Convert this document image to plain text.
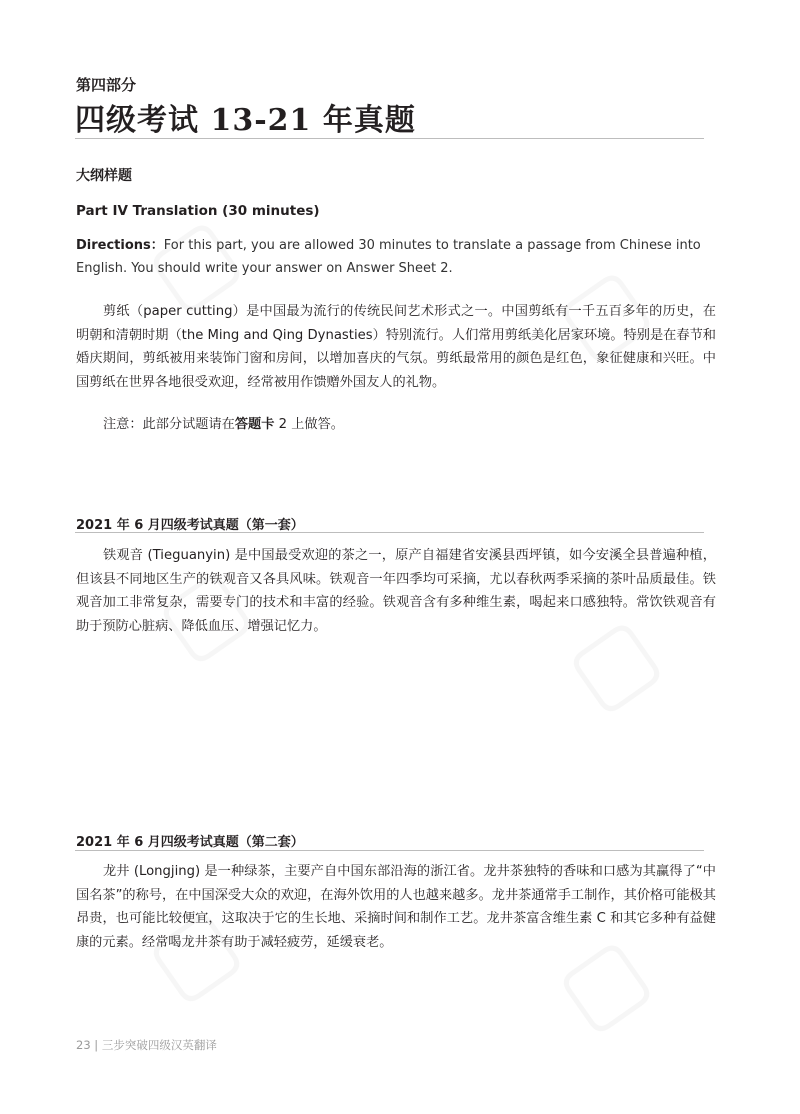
第四部分
四级考试 13-21 年真题
大纲样题
Part IV Translation (30 minutes)
Directions：For this part, you are allowed 30 minutes to translate a passage from Chinese into English. You should write your answer on Answer Sheet 2.
剪纸（paper cutting）是中国最为流行的传统民间艺术形式之一。中国剪纸有一千五百多年的历史，在明朝和清朝时期（the Ming and Qing Dynasties）特别流行。人们常用剪纸美化居家环境。特别是在春节和婚庆期间，剪纸被用来装饰门窗和房间，以增加喜庆的气氛。剪纸最常用的颜色是红色，象征健康和兴旺。中国剪纸在世界各地很受欢迎，经常被用作馈赠外国友人的礼物。
注意：此部分试题请在答题卡 2 上做答。
2021 年 6 月四级考试真题（第一套）
铁观音 (Tieguanyin) 是中国最受欢迎的茶之一，原产自福建省安溪县西坪镇，如今安溪全县普遍种植，但该县不同地区生产的铁观音又各具风味。铁观音一年四季均可采摘，尤以春秋两季采摘的茶叶品质最佳。铁观音加工非常复杂，需要专门的技术和丰富的经验。铁观音含有多种维生素，喝起来口感独特。常饮铁观音有助于预防心脏病、降低血压、增强记忆力。
2021 年 6 月四级考试真题（第二套）
龙井 (Longjing) 是一种绿茶，主要产自中国东部沿海的浙江省。龙井茶独特的香味和口感为其赢得了“中国名茶”的称号，在中国深受大众的欢迎，在海外饮用的人也越来越多。龙井茶通常手工制作，其价格可能极其昂贵，也可能比较便宜，这取决于它的生长地、采摘时间和制作工艺。龙井茶富含维生素 C 和其它多种有益健康的元素。经常喝龙井茶有助于减轻疲劳，延缓衰老。
23 | 三步突破四级汉英翻译
